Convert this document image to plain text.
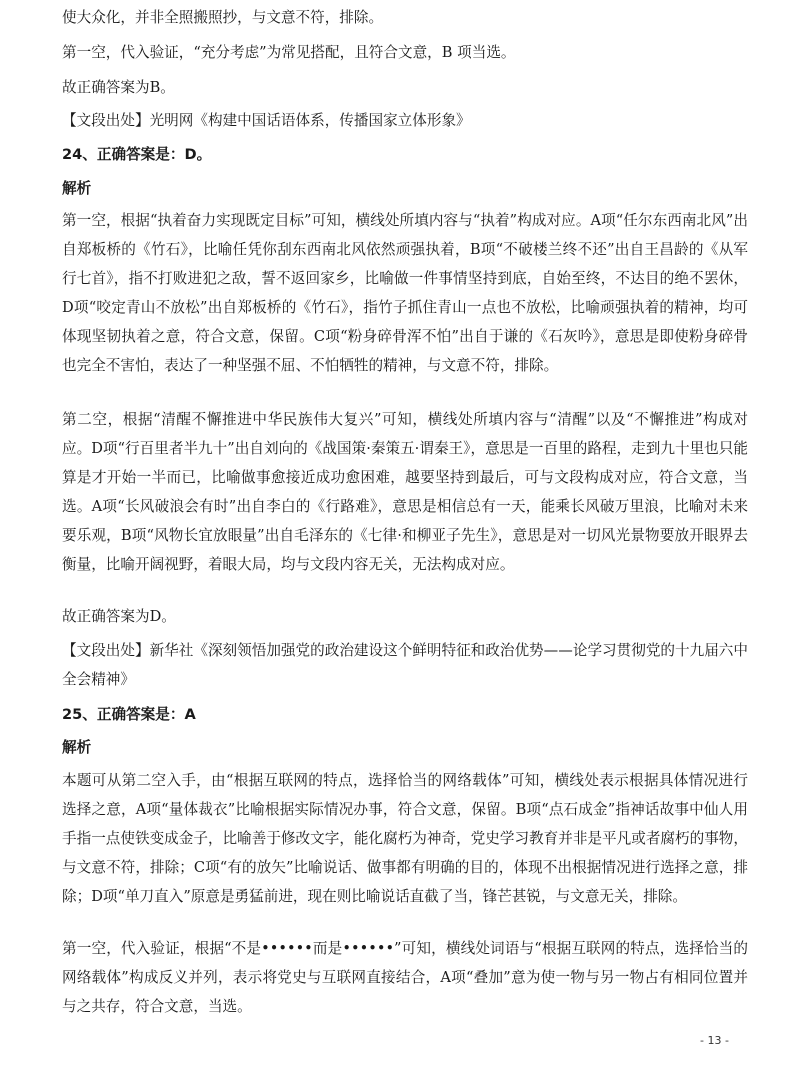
使大众化，并非全照搬照抄，与文意不符，排除。

第一空，代入验证，“充分考虑”为常见搭配，且符合文意，B 项当选。

故正确答案为B。

【文段出处】光明网《构建中国话语体系，传播国家立体形象》

24、正确答案是：D。

解析

第一空，根据“执着奋力实现既定目标”可知，横线处所填内容与“执着”构成对应。A项“任尔东西南北风”出自郑板桥的《竹石》，比喻任凭你刮东西南北风依然顽强执着，B项“不破楼兰终不还”出自王昌龄的《从军行七首》，指不打败进犯之敌，誓不返回家乡，比喻做一件事情坚持到底，自始至终，不达目的绝不罢休，D项“咬定青山不放松”出自郑板桥的《竹石》，指竹子抓住青山一点也不放松，比喻顽强执着的精神，均可体现坚韧执着之意，符合文意，保留。C项“粉身碎骨浑不怕”出自于谦的《石灰吟》，意思是即使粉身碎骨也完全不害怕，表达了一种坚强不屈、不怕牺牲的精神，与文意不符，排除。

第二空，根据“清醒不懈推进中华民族伟大复兴”可知，横线处所填内容与“清醒”以及“不懈推进”构成对应。D项“行百里者半九十”出自刘向的《战国策·秦策五·谓秦王》，意思是一百里的路程，走到九十里也只能算是才开始一半而已，比喻做事愈接近成功愈困难，越要坚持到最后，可与文段构成对应，符合文意，当选。A项“长风破浪会有时”出自李白的《行路难》，意思是相信总有一天，能乘长风破万里浪，比喻对未来要乐观，B项“风物长宜放眼量”出自毛泽东的《七律·和柳亚子先生》，意思是对一切风光景物要放开眼界去衡量，比喻开阔视野，着眼大局，均与文段内容无关，无法构成对应。

故正确答案为D。

【文段出处】新华社《深刻领悟加强党的政治建设这个鲜明特征和政治优势——论学习贯彻党的十九届六中全会精神》

25、正确答案是：A

解析

本题可从第二空入手，由“根据互联网的特点，选择恰当的网络载体”可知，横线处表示根据具体情况进行选择之意，A项“量体裁衣”比喻根据实际情况办事，符合文意，保留。B项“点石成金”指神话故事中仙人用手指一点使铁变成金子，比喻善于修改文字，能化腐朽为神奇，党史学习教育并非是平凡或者腐朽的事物，与文意不符，排除；C项“有的放矢”比喻说话、做事都有明确的目的，体现不出根据情况进行选择之意，排除；D项“单刀直入”原意是勇猛前进，现在则比喻说话直截了当，锋芒甚锐，与文意无关，排除。

第一空，代入验证，根据“不是••••••而是••••••”可知，横线处词语与“根据互联网的特点，选择恰当的网络载体”构成反义并列，表示将党史与互联网直接结合，A项“叠加”意为使一物与另一物占有相同位置并与之共存，符合文意，当选。

- 13 -
